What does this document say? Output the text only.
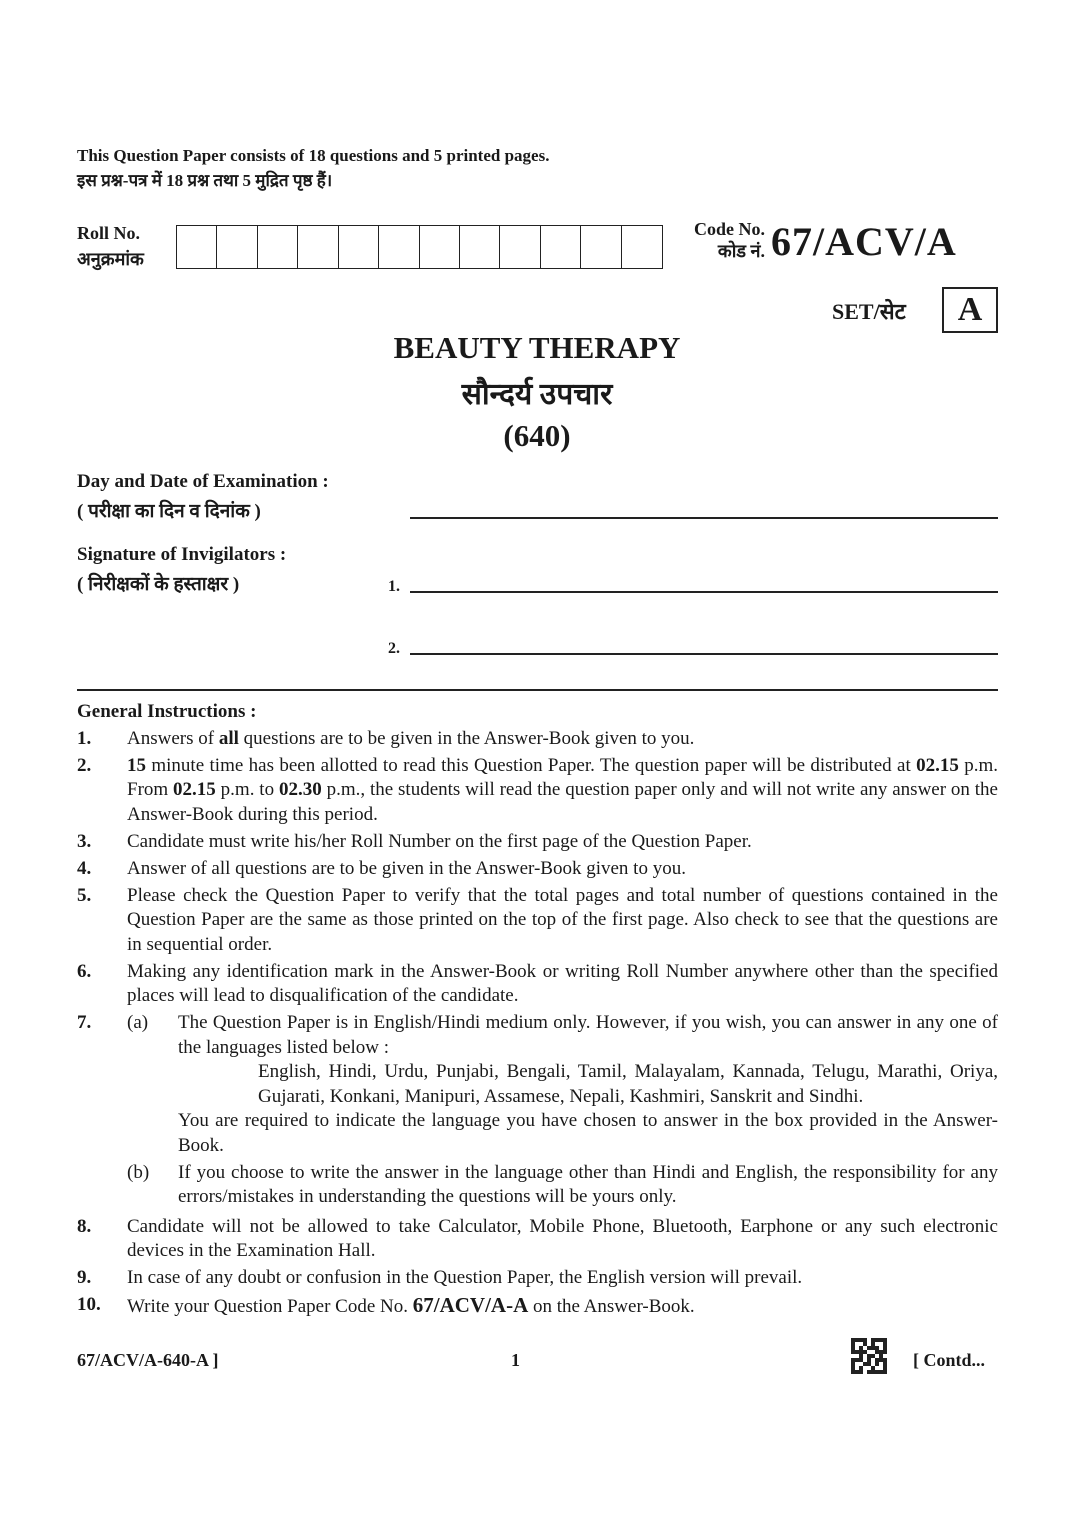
This Question Paper consists of 18 questions and 5 printed pages.
इस प्रश्न-पत्र में 18 प्रश्न तथा 5 मुद्रित पृष्ठ हैं।
Roll No.
अनुक्रमांक
Code No.
कोड नं. 67/ACV/A
SET/सेट	A
BEAUTY THERAPY
सौन्दर्य उपचार
(640)
Day and Date of Examination :
( परीक्षा का दिन व दिनांक )
Signature of Invigilators :
( निरीक्षकों के हस्ताक्षर )	1.
2.
General Instructions :
1.	Answers of all questions are to be given in the Answer-Book given to you.
2.	15 minute time has been allotted to read this Question Paper. The question paper will be distributed at 02.15 p.m. From 02.15 p.m. to 02.30 p.m., the students will read the question paper only and will not write any answer on the Answer-Book during this period.
3.	Candidate must write his/her Roll Number on the first page of the Question Paper.
4.	Answer of all questions are to be given in the Answer-Book given to you.
5.	Please check the Question Paper to verify that the total pages and total number of questions contained in the Question Paper are the same as those printed on the top of the first page. Also check to see that the questions are in sequential order.
6.	Making any identification mark in the Answer-Book or writing Roll Number anywhere other than the specified places will lead to disqualification of the candidate.
7.	(a)	The Question Paper is in English/Hindi medium only. However, if you wish, you can answer in any one of the languages listed below :
English, Hindi, Urdu, Punjabi, Bengali, Tamil, Malayalam, Kannada, Telugu, Marathi, Oriya, Gujarati, Konkani, Manipuri, Assamese, Nepali, Kashmiri, Sanskrit and Sindhi.
You are required to indicate the language you have chosen to answer in the box provided in the Answer-Book.
(b)	If you choose to write the answer in the language other than Hindi and English, the responsibility for any errors/mistakes in understanding the questions will be yours only.
8.	Candidate will not be allowed to take Calculator, Mobile Phone, Bluetooth, Earphone or any such electronic devices in the Examination Hall.
9.	In case of any doubt or confusion in the Question Paper, the English version will prevail.
10.	Write your Question Paper Code No. 67/ACV/A-A on the Answer-Book.
67/ACV/A-640-A ]	1	[ Contd...
